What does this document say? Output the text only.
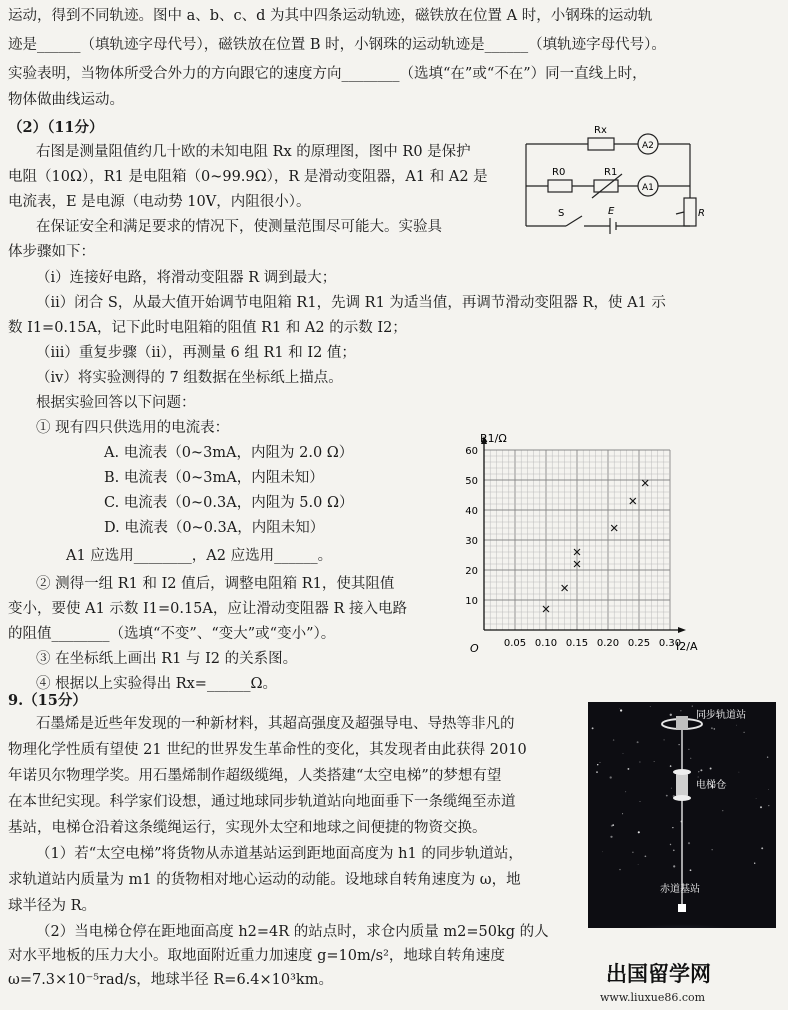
运动，得到不同轨迹。图中 a、b、c、d 为其中四条运动轨迹，磁铁放在位置 A 时，小钢珠的运动轨
迹是______（填轨迹字母代号），磁铁放在位置 B 时，小钢珠的运动轨迹是______（填轨迹字母代号）。
实验表明，当物体所受合外力的方向跟它的速度方向________（选填“在”或“不在”）同一直线上时，
物体做曲线运动。
（2）（11分）
右图是测量阻值约几十欧的未知电阻 Rx 的原理图，图中 R0 是保护
电阻（10Ω），R1 是电阻箱（0~99.9Ω），R 是滑动变阻器，A1 和 A2 是
电流表，E 是电源（电动势 10V，内阻很小）。
在保证安全和满足要求的情况下，使测量范围尽可能大。实验具
体步骤如下：
（i）连接好电路，将滑动变阻器 R 调到最大；
（ii）闭合 S，从最大值开始调节电阻箱 R1，先调 R1 为适当值，再调节滑动变阻器 R，使 A1 示
数 I1=0.15A，记下此时电阻箱的阻值 R1 和 A2 的示数 I2；
（iii）重复步骤（ii），再测量 6 组 R1 和 I2 值；
（iv）将实验测得的 7 组数据在坐标纸上描点。
根据实验回答以下问题：
① 现有四只供选用的电流表：
A. 电流表（0~3mA，内阻为 2.0 Ω）
B. 电流表（0~3mA，内阻未知）
C. 电流表（0~0.3A，内阻为 5.0 Ω）
D. 电流表（0~0.3A，内阻未知）
A1 应选用________，A2 应选用______。
② 测得一组 R1 和 I2 值后，调整电阻箱 R1，使其阻值
变小，要使 A1 示数 I1=0.15A，应让滑动变阻器 R 接入电路
的阻值________（选填“不变”、“变大”或“变小”）。
③ 在坐标纸上画出 R1 与 I2 的关系图。
④ 根据以上实验得出 Rx=______Ω。
Rx
A2
R0	R1
A1
S	E	R
0.05 0.10 0.15 0.20 0.25 0.30
10
20
30
40
50
60
R1/Ω
I2/A
O
9.（15分）
石墨烯是近些年发现的一种新材料，其超高强度及超强导电、导热等非凡的
物理化学性质有望使 21 世纪的世界发生革命性的变化，其发现者由此获得 2010
年诺贝尔物理学奖。用石墨烯制作超级缆绳，人类搭建“太空电梯”的梦想有望
在本世纪实现。科学家们设想，通过地球同步轨道站向地面垂下一条缆绳至赤道
基站，电梯仓沿着这条缆绳运行，实现外太空和地球之间便捷的物资交换。
（1）若“太空电梯”将货物从赤道基站运到距地面高度为 h1 的同步轨道站，
求轨道站内质量为 m1 的货物相对地心运动的动能。设地球自转角速度为 ω，地
球半径为 R。
（2）当电梯仓停在距地面高度 h2=4R 的站点时，求仓内质量 m2=50kg 的人
对水平地板的压力大小。取地面附近重力加速度 g=10m/s²，地球自转角速度
ω=7.3×10⁻⁵rad/s，地球半径 R=6.4×10³km。
同步轨道站
电梯仓
赤道基站
出国留学网
www.liuxue86.com
